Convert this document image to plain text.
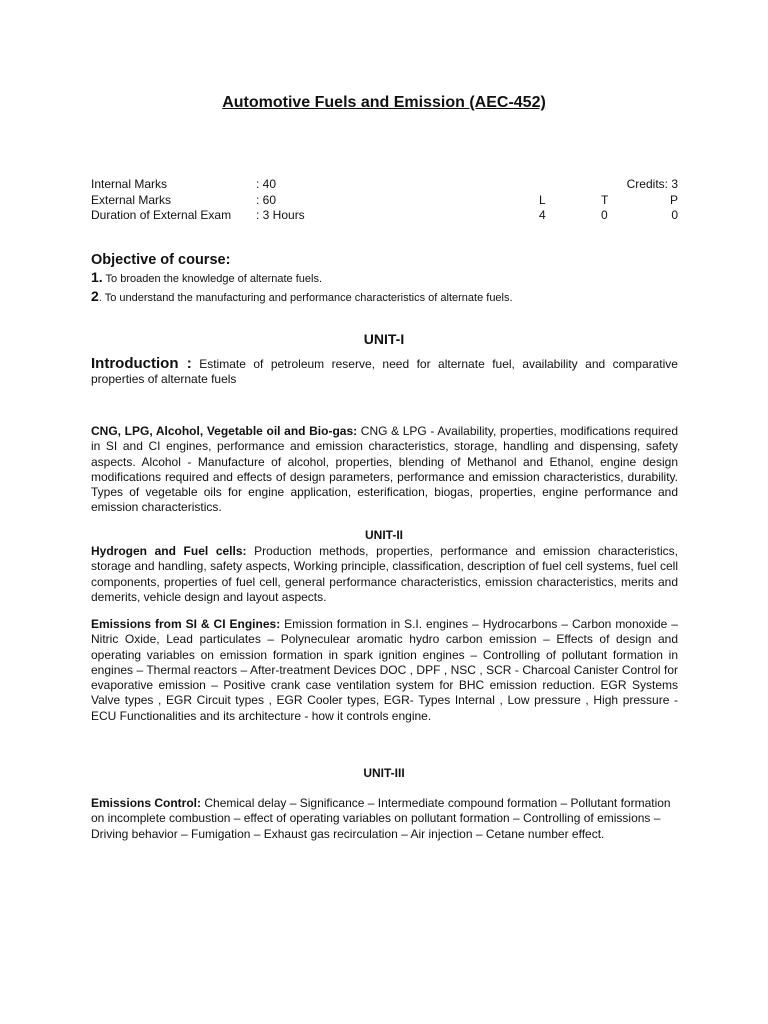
Automotive Fuels and Emission (AEC-452)
Internal Marks	: 40	Credits: 3
External Marks	: 60	L	T	P
Duration of External Exam : 3 Hours	4	0	0
Objective of course:
1. To broaden the knowledge of alternate fuels.
2. To understand the manufacturing and performance characteristics of alternate fuels.
UNIT-I
Introduction : Estimate of petroleum reserve, need for alternate fuel, availability and comparative properties of alternate fuels
CNG, LPG, Alcohol, Vegetable oil and Bio-gas: CNG & LPG - Availability, properties, modifications required in SI and CI engines, performance and emission characteristics, storage, handling and dispensing, safety aspects. Alcohol - Manufacture of alcohol, properties, blending of Methanol and Ethanol, engine design modifications required and effects of design parameters, performance and emission characteristics, durability. Types of vegetable oils for engine application, esterification, biogas, properties, engine performance and emission characteristics.
UNIT-II
Hydrogen and Fuel cells: Production methods, properties, performance and emission characteristics, storage and handling, safety aspects, Working principle, classification, description of fuel cell systems, fuel cell components, properties of fuel cell, general performance characteristics, emission characteristics, merits and demerits, vehicle design and layout aspects.
Emissions from SI & CI Engines: Emission formation in S.I. engines – Hydrocarbons – Carbon monoxide – Nitric Oxide, Lead particulates – Polyneculear aromatic hydro carbon emission – Effects of design and operating variables on emission formation in spark ignition engines – Controlling of pollutant formation in engines – Thermal reactors – After-treatment Devices DOC , DPF , NSC , SCR - Charcoal Canister Control for evaporative emission – Positive crank case ventilation system for BHC emission reduction. EGR Systems Valve types , EGR Circuit types , EGR Cooler types, EGR- Types Internal , Low pressure , High pressure - ECU Functionalities and its architecture - how it controls engine.
UNIT-III
Emissions Control: Chemical delay – Significance – Intermediate compound formation – Pollutant formation on incomplete combustion – effect of operating variables on pollutant formation – Controlling of emissions – Driving behavior – Fumigation – Exhaust gas recirculation – Air injection – Cetane number effect.
